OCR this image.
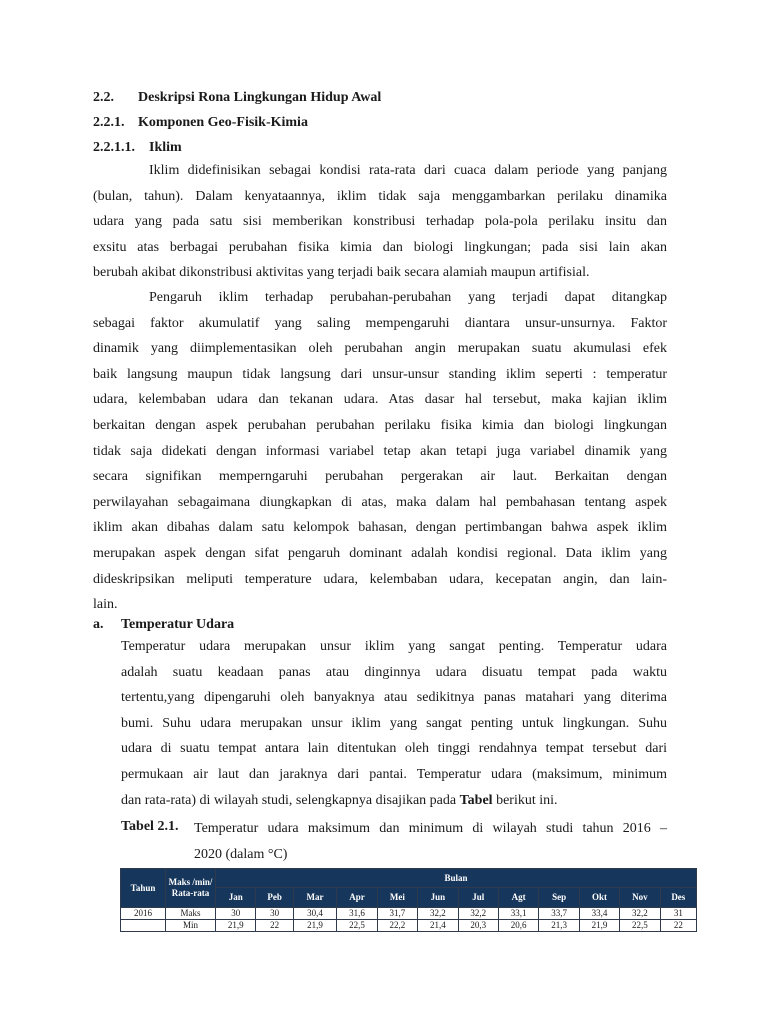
2.2. Deskripsi Rona Lingkungan Hidup Awal
2.2.1. Komponen Geo-Fisik-Kimia
2.2.1.1. Iklim
Iklim didefinisikan sebagai kondisi rata-rata dari cuaca dalam periode yang panjang
(bulan, tahun). Dalam kenyataannya, iklim tidak saja menggambarkan perilaku dinamika
udara yang pada satu sisi memberikan konstribusi terhadap pola-pola perilaku insitu dan
exsitu atas berbagai perubahan fisika kimia dan biologi lingkungan; pada sisi lain akan
berubah akibat dikonstribusi aktivitas yang terjadi baik secara alamiah maupun artifisial.
Pengaruh iklim terhadap perubahan-perubahan yang terjadi dapat ditangkap
sebagai faktor akumulatif yang saling mempengaruhi diantara unsur-unsurnya. Faktor
dinamik yang diimplementasikan oleh perubahan angin merupakan suatu akumulasi efek
baik langsung maupun tidak langsung dari unsur-unsur standing iklim seperti : temperatur
udara, kelembaban udara dan tekanan udara. Atas dasar hal tersebut, maka kajian iklim
berkaitan dengan aspek perubahan perubahan perilaku fisika kimia dan biologi lingkungan
tidak saja didekati dengan informasi variabel tetap akan tetapi juga variabel dinamik yang
secara signifikan memperngaruhi perubahan pergerakan air laut. Berkaitan dengan
perwilayahan sebagaimana diungkapkan di atas, maka dalam hal pembahasan tentang aspek
iklim akan dibahas dalam satu kelompok bahasan, dengan pertimbangan bahwa aspek iklim
merupakan aspek dengan sifat pengaruh dominant adalah kondisi regional. Data iklim yang
dideskripsikan meliputi temperature udara, kelembaban udara, kecepatan angin, dan lain-
lain.
a. Temperatur Udara
Temperatur udara merupakan unsur iklim yang sangat penting. Temperatur udara
adalah suatu keadaan panas atau dinginnya udara disuatu tempat pada waktu
tertentu,yang dipengaruhi oleh banyaknya atau sedikitnya panas matahari yang diterima
bumi. Suhu udara merupakan unsur iklim yang sangat penting untuk lingkungan. Suhu
udara di suatu tempat antara lain ditentukan oleh tinggi rendahnya tempat tersebut dari
permukaan air laut dan jaraknya dari pantai. Temperatur udara (maksimum, minimum
dan rata-rata) di wilayah studi, selengkapnya disajikan pada Tabel berikut ini.
Tabel 2.1. Temperatur udara maksimum dan minimum di wilayah studi tahun 2016 –
2020 (dalam °C)
Tahun	Maks /min/ Rata-rata	Bulan											
		Jan	Peb	Mar	Apr	Mei	Jun	Jul	Agt	Sep	Okt	Nov	Des
2016	Maks	30	30	30,4	31,6	31,7	32,2	32,2	33,1	33,7	33,4	32,2	31
	Min	21,9	22	21,9	22,5	22,2	21,4	20,3	20,6	21,3	21,9	22,5	22
